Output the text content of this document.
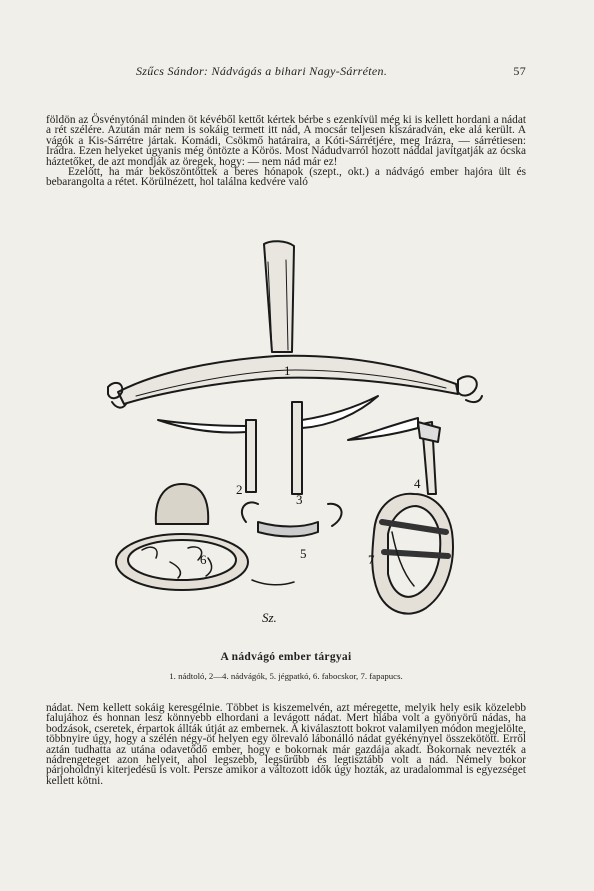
Szűcs Sándor: Nádvágás a bihari Nagy-Sárréten.	57

földön az Ösvénytónál minden öt kévéből kettőt kértek bérbe s ezenkívül még ki is kellett hordani a nádat a rét szélére. Azután már nem is sokáig termett itt nád, A mocsár teljesen kiszáradván, eke alá került. A vágók a Kis-Sárrétre jártak. Komádi, Csökmő határaira, a Kóti-Sárrétjére, meg Irázra, — sárrétiesen: Irádra. Ezen helyeket ugyanis még öntözte a Körös. Most Nádudvarról hozott náddal javítgatják az ócska háztetőket, de azt mondják az öregek, hogy: — nem nád már ez!

Ezelőtt, ha már beköszöntöttek a beres hónapok (szept., okt.) a nádvágó ember hajóra ült és bebarangolta a rétet. Körülnézett, hol találna kedvére való

1
2
3
4
5
6	7
Sz.
A nádvágó ember tárgyai
1. nádtoló, 2—4. nádvágók, 5. jégpatkó, 6. fabocskor, 7. fapapucs.

nádat. Nem kellett sokáig keresgélnie. Többet is kiszemelvén, azt méregette, melyik hely esik közelebb falujához és honnan lesz könnyebb elhordani a levágott nádat. Mert hiába volt a gyönyörű nádas, ha bodzások, cseretek, érpartok állták útját az embernek. A kiválasztott bokrot valamilyen módon megjelölte, többnyire úgy, hogy a szélén négy-öt helyen egy ölrevaló lábonálló nádat gyékénynyel összekötött. Erről aztán tudhatta az utána odavetődő ember, hogy e bokornak már gazdája akadt. Bokornak nevezték a nádrengeteget azon helyeit, ahol legszebb, legsűrűbb és legtisztább volt a nád. Némely bokor párjoholdnyi kiterjedésű is volt. Persze amikor a változott idők úgy hozták, az uradalommal is egyezséget kellett kötni.
